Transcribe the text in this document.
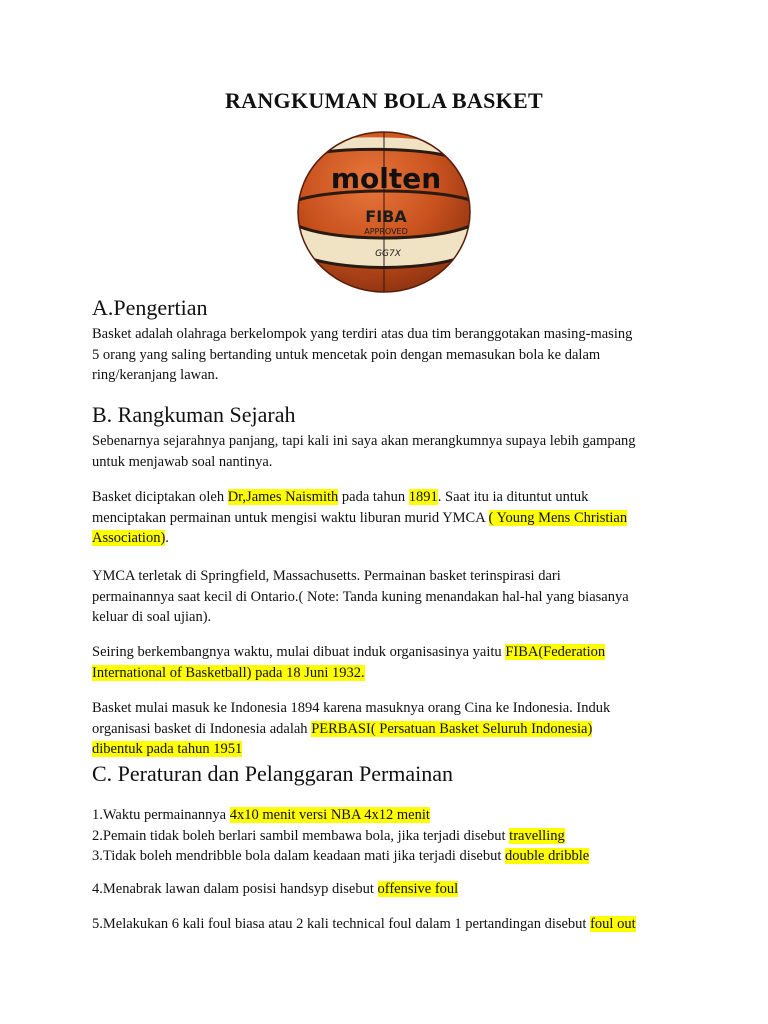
RANGKUMAN BOLA BASKET
molten
FIBA
APPROVED
GG7X
A.Pengertian

Basket adalah olahraga berkelompok yang terdiri atas dua tim beranggotakan masing-masing
5 orang yang saling bertanding untuk mencetak poin dengan memasukan bola ke dalam
ring/keranjang lawan.

B. Rangkuman Sejarah

Sebenarnya sejarahnya panjang, tapi kali ini saya akan merangkumnya supaya lebih gampang
untuk menjawab soal nantinya.

Basket diciptakan oleh Dr,James Naismith pada tahun 1891. Saat itu ia dituntut untuk
menciptakan permainan untuk mengisi waktu liburan murid YMCA ( Young Mens Christian
Association).

YMCA terletak di Springfield, Massachusetts. Permainan basket terinspirasi dari
permainannya saat kecil di Ontario.( Note: Tanda kuning menandakan hal-hal yang biasanya
keluar di soal ujian).

Seiring berkembangnya waktu, mulai dibuat induk organisasinya yaitu FIBA(Federation
International of Basketball) pada 18 Juni 1932.

Basket mulai masuk ke Indonesia 1894 karena masuknya orang Cina ke Indonesia. Induk
organisasi basket di Indonesia adalah PERBASI( Persatuan Basket Seluruh Indonesia)
dibentuk pada tahun 1951

C. Peraturan dan Pelanggaran Permainan

1.Waktu permainannya 4x10 menit versi NBA 4x12 menit
2.Pemain tidak boleh berlari sambil membawa bola, jika terjadi disebut travelling
3.Tidak boleh mendribble bola dalam keadaan mati jika terjadi disebut double dribble

4.Menabrak lawan dalam posisi handsyp disebut offensive foul

5.Melakukan 6 kali foul biasa atau 2 kali technical foul dalam 1 pertandingan disebut foul out
